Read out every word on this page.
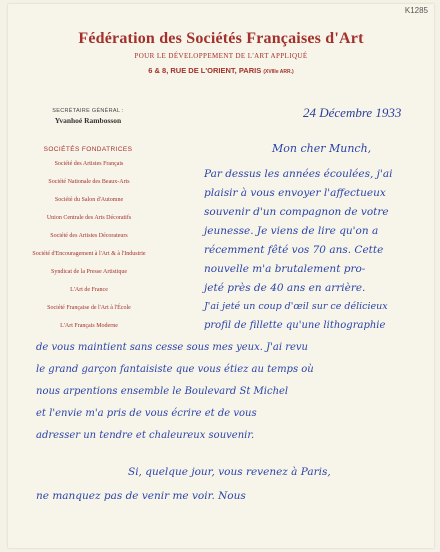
K1285
Fédération des Sociétés Françaises d'Art
POUR LE DÉVELOPPEMENT DE L'ART APPLIQUÉ
6 & 8, RUE DE L'ORIENT, PARIS (XVIIIe ARR.)
SECRÉTAIRE GÉNÉRAL :
Yvanhoé Rambosson
SOCIÉTÉS FONDATRICES
Société des Artistes Français
Société Nationale des Beaux-Arts
Société du Salon d'Automne
Union Centrale des Arts Décoratifs
Société des Artistes Décorateurs
Société d'Encouragement à l'Art & à l'Industrie
Syndicat de la Presse Artistique
L'Art de France
Société Française de l'Art à l'École
L'Art Français Moderne
24 Décembre 1933
Mon cher Munch,
Par dessus les années écoulées, j'ai
plaisir à vous envoyer l'affectueux
souvenir d'un compagnon de votre
jeunesse. Je viens de lire qu'on a
récemment fêté vos 70 ans. Cette
nouvelle m'a brutalement pro-
jeté près de 40 ans en arrière.
J'ai jeté un coup d'œil sur ce délicieux
profil de fillette qu'une lithographie
de vous maintient sans cesse sous mes yeux. J'ai revu
le grand garçon fantaisiste que vous étiez au temps où
nous arpentions ensemble le Boulevard St Michel
et l'envie m'a pris de vous écrire et de vous
adresser un tendre et chaleureux souvenir.
Si, quelque jour, vous revenez à Paris,
ne manquez pas de venir me voir. Nous
